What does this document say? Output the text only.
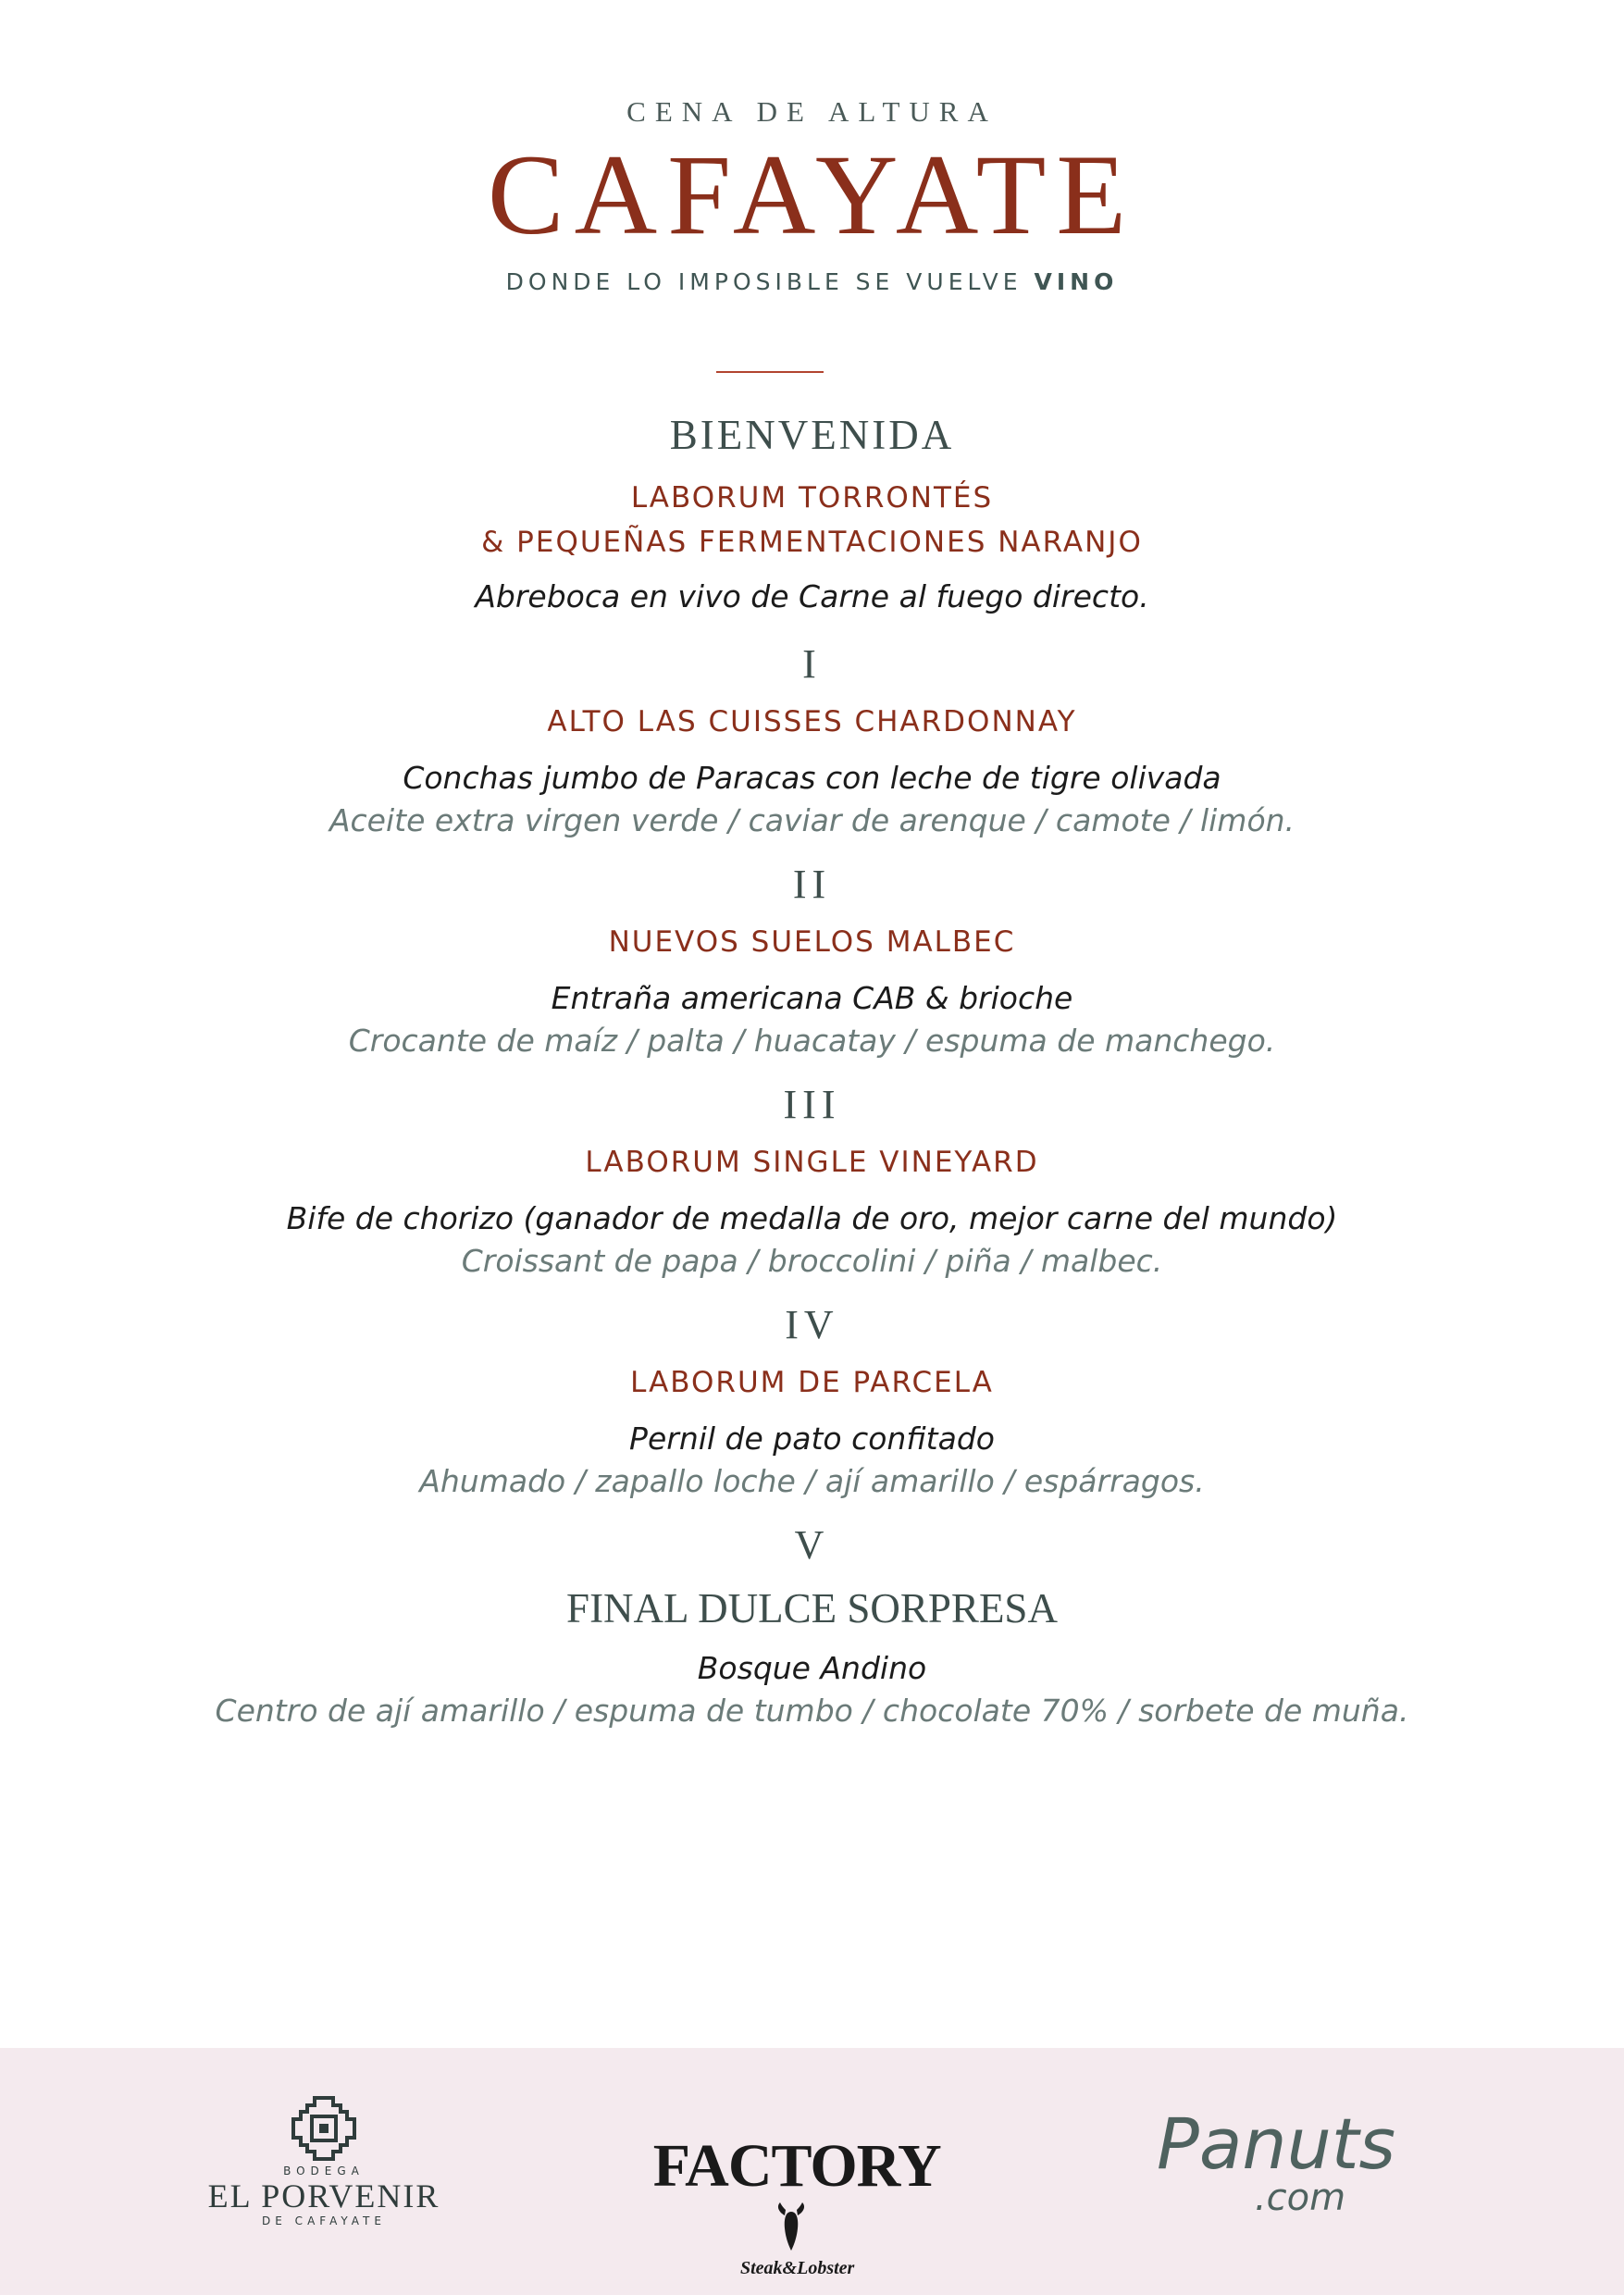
CENA DE ALTURA
CAFAYATE
DONDE LO IMPOSIBLE SE VUELVE VINO
BIENVENIDA
LABORUM TORRONTÉS
& PEQUEÑAS FERMENTACIONES NARANJO
Abreboca en vivo de Carne al fuego directo.
I
ALTO LAS CUISSES CHARDONNAY
Conchas jumbo de Paracas con leche de tigre olivada
Aceite extra virgen verde / caviar de arenque / camote / limón.
II
NUEVOS SUELOS MALBEC
Entraña americana CAB & brioche
Crocante de maíz / palta / huacatay / espuma de manchego.
III
LABORUM SINGLE VINEYARD
Bife de chorizo (ganador de medalla de oro, mejor carne del mundo)
Croissant de papa / broccolini / piña / malbec.
IV
LABORUM DE PARCELA
Pernil de pato confitado
Ahumado / zapallo loche / ají amarillo / espárragos.
V
FINAL DULCE SORPRESA
Bosque Andino
Centro de ají amarillo / espuma de tumbo / chocolate 70% / sorbete de muña.
BODEGA
EL PORVENIR
DE CAFAYATE
FACTORY
Steak&Lobster
Panuts
.com
